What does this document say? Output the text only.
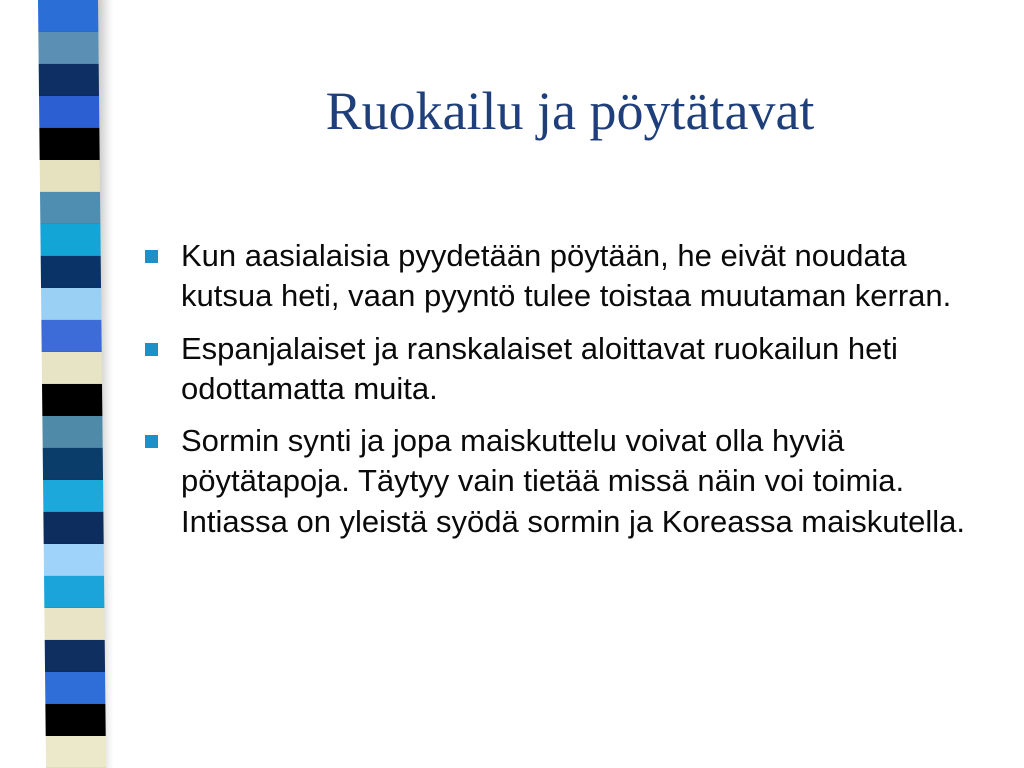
Ruokailu ja pöytätavat
Kun aasialaisia pyydetään pöytään, he eivät noudata kutsua heti, vaan pyyntö tulee toistaa muutaman kerran.
Espanjalaiset ja ranskalaiset aloittavat ruokailun heti odottamatta muita.
Sormin synti ja jopa maiskuttelu voivat olla hyviä pöytätapoja. Täytyy vain tietää missä näin voi toimia. Intiassa on yleistä syödä sormin ja Koreassa maiskutella.
